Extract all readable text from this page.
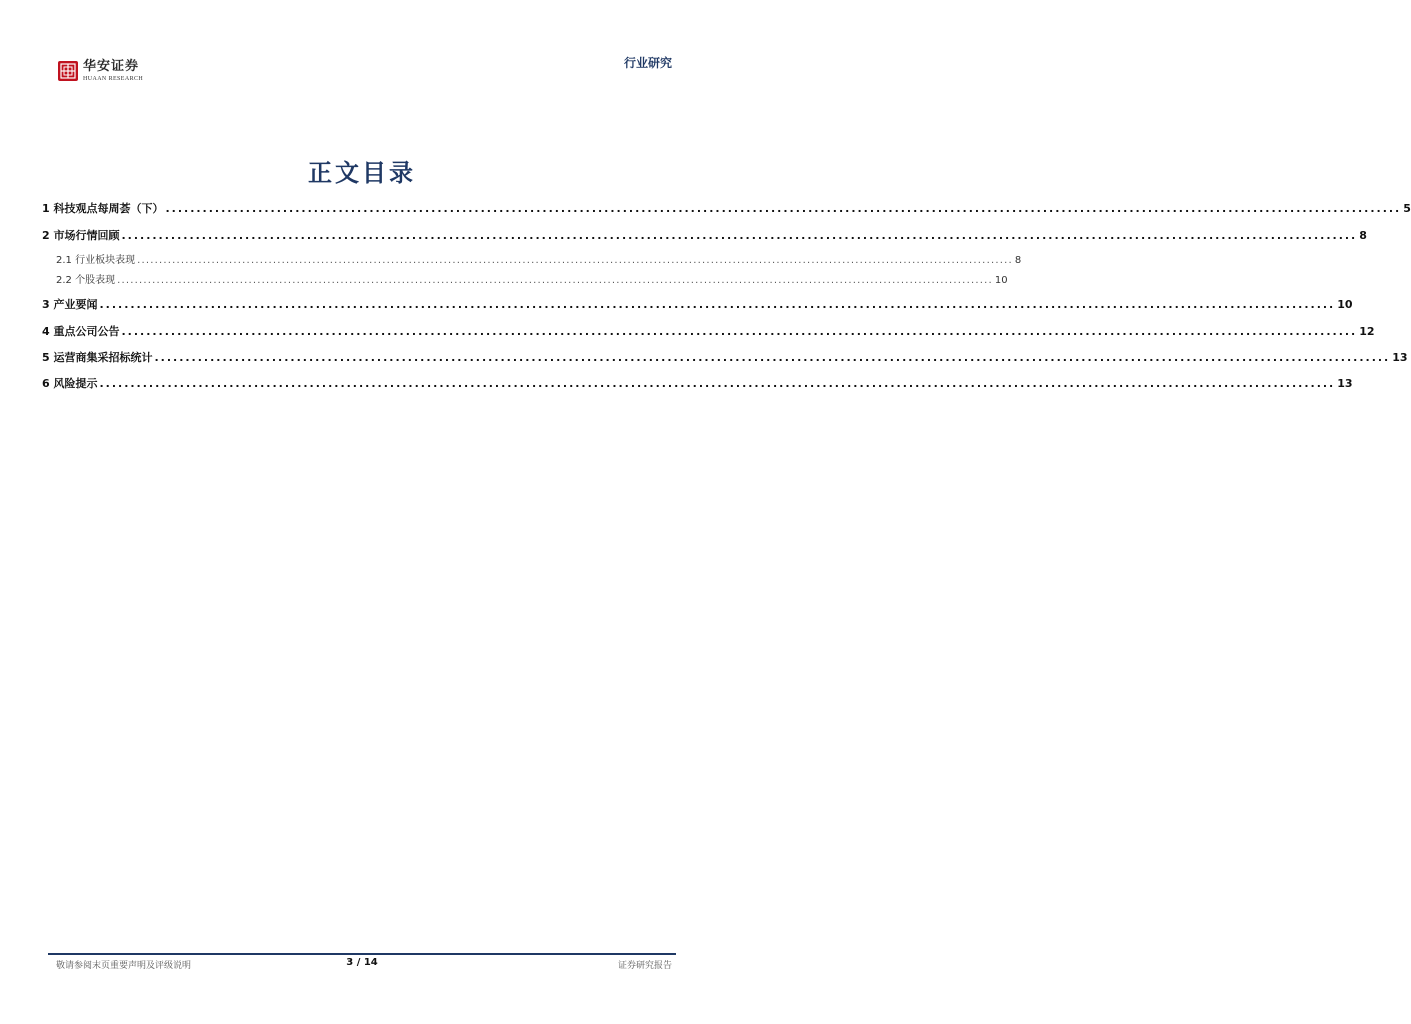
华安证券
HUAAN RESEARCH
行业研究
正文目录
1 科技观点每周荟（下） ........................................................................................................................................................................................................ 5
2 市场行情回顾 ........................................................................................................................................................................................................ 8
2.1 行业板块表现 ........................................................................................................................................................................................................ 8
2.2 个股表现 ........................................................................................................................................................................................................ 10
3 产业要闻 ........................................................................................................................................................................................................ 10
4 重点公司公告 ........................................................................................................................................................................................................ 12
5 运营商集采招标统计 ........................................................................................................................................................................................................ 13
6 风险提示 ........................................................................................................................................................................................................ 13
敬请参阅末页重要声明及评级说明	3 / 14	证券研究报告
